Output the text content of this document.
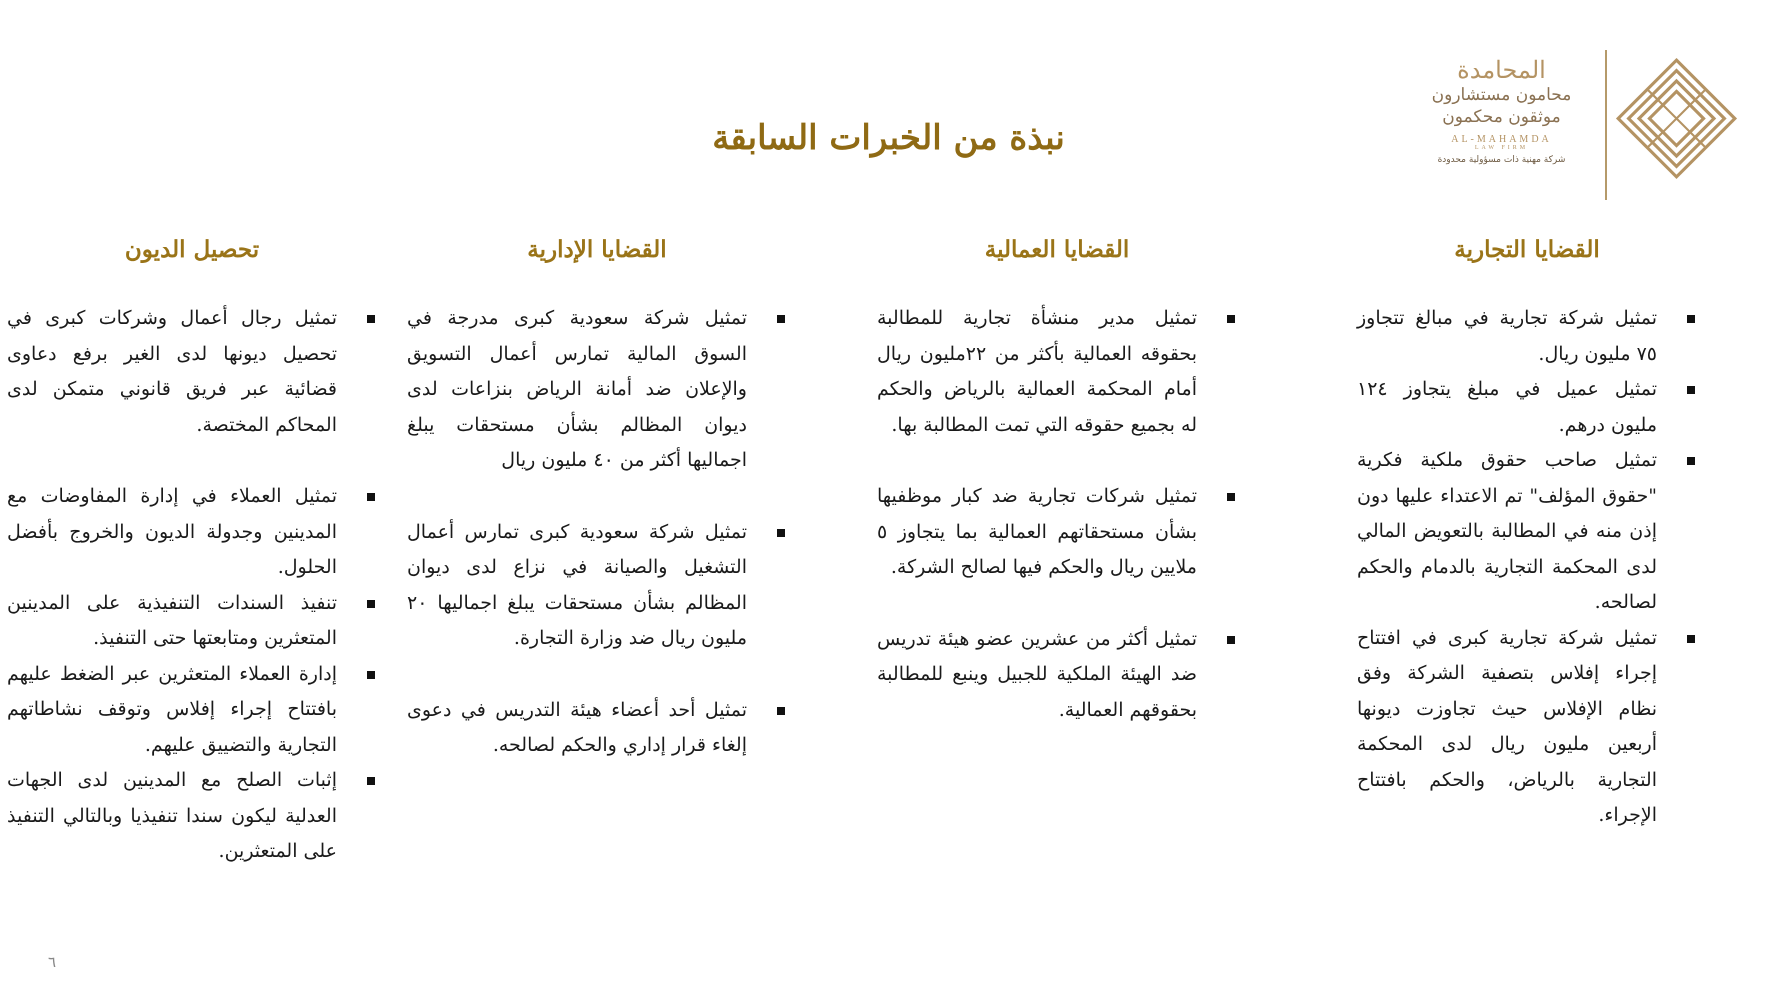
المحامدة
محامون مستشارون
موثقون محكمون
AL-MAHAMDA
LAW FIRM
شركة مهنية ذات مسؤولية محدودة
نبذة من الخبرات السابقة
القضايا التجارية
تمثيل شركة تجارية في مبالغ تتجاوز ٧٥ مليون ريال.
تمثيل عميل في مبلغ يتجاوز ١٢٤ مليون درهم.
تمثيل صاحب حقوق ملكية فكرية "حقوق المؤلف" تم الاعتداء عليها دون إذن منه في المطالبة بالتعويض المالي لدى المحكمة التجارية بالدمام والحكم لصالحه.
تمثيل شركة تجارية كبرى في افتتاح إجراء إفلاس بتصفية الشركة وفق نظام الإفلاس حيث تجاوزت ديونها أربعين مليون ريال لدى المحكمة التجارية بالرياض، والحكم بافتتاح الإجراء.
القضايا العمالية
تمثيل مدير منشأة تجارية للمطالبة بحقوقه العمالية بأكثر من ٢٢مليون ريال أمام المحكمة العمالية بالرياض والحكم له بجميع حقوقه التي تمت المطالبة بها.
تمثيل شركات تجارية ضد كبار موظفيها بشأن مستحقاتهم العمالية بما يتجاوز ٥ ملايين ريال والحكم فيها لصالح الشركة.
تمثيل أكثر من عشرين عضو هيئة تدريس ضد الهيئة الملكية للجبيل وينبع للمطالبة بحقوقهم العمالية.
القضايا الإدارية
تمثيل شركة سعودية كبرى مدرجة في السوق المالية تمارس أعمال التسويق والإعلان ضد أمانة الرياض بنزاعات لدى ديوان المظالم بشأن مستحقات يبلغ اجماليها أكثر من ٤٠ مليون ريال
تمثيل شركة سعودية كبرى تمارس أعمال التشغيل والصيانة في نزاع لدى ديوان المظالم بشأن مستحقات يبلغ اجماليها ٢٠ مليون ريال ضد وزارة التجارة.
تمثيل أحد أعضاء هيئة التدريس في دعوى إلغاء قرار إداري والحكم لصالحه.
تحصيل الديون
تمثيل رجال أعمال وشركات كبرى في تحصيل ديونها لدى الغير برفع دعاوى قضائية عبر فريق قانوني متمكن لدى المحاكم المختصة.
تمثيل العملاء في إدارة المفاوضات مع المدينين وجدولة الديون والخروج بأفضل الحلول.
تنفيذ السندات التنفيذية على المدينين المتعثرين ومتابعتها حتى التنفيذ.
إدارة العملاء المتعثرين عبر الضغط عليهم بافتتاح إجراء إفلاس وتوقف نشاطاتهم التجارية والتضييق عليهم.
إثبات الصلح مع المدينين لدى الجهات العدلية ليكون سندا تنفيذيا وبالتالي التنفيذ على المتعثرين.
٦
